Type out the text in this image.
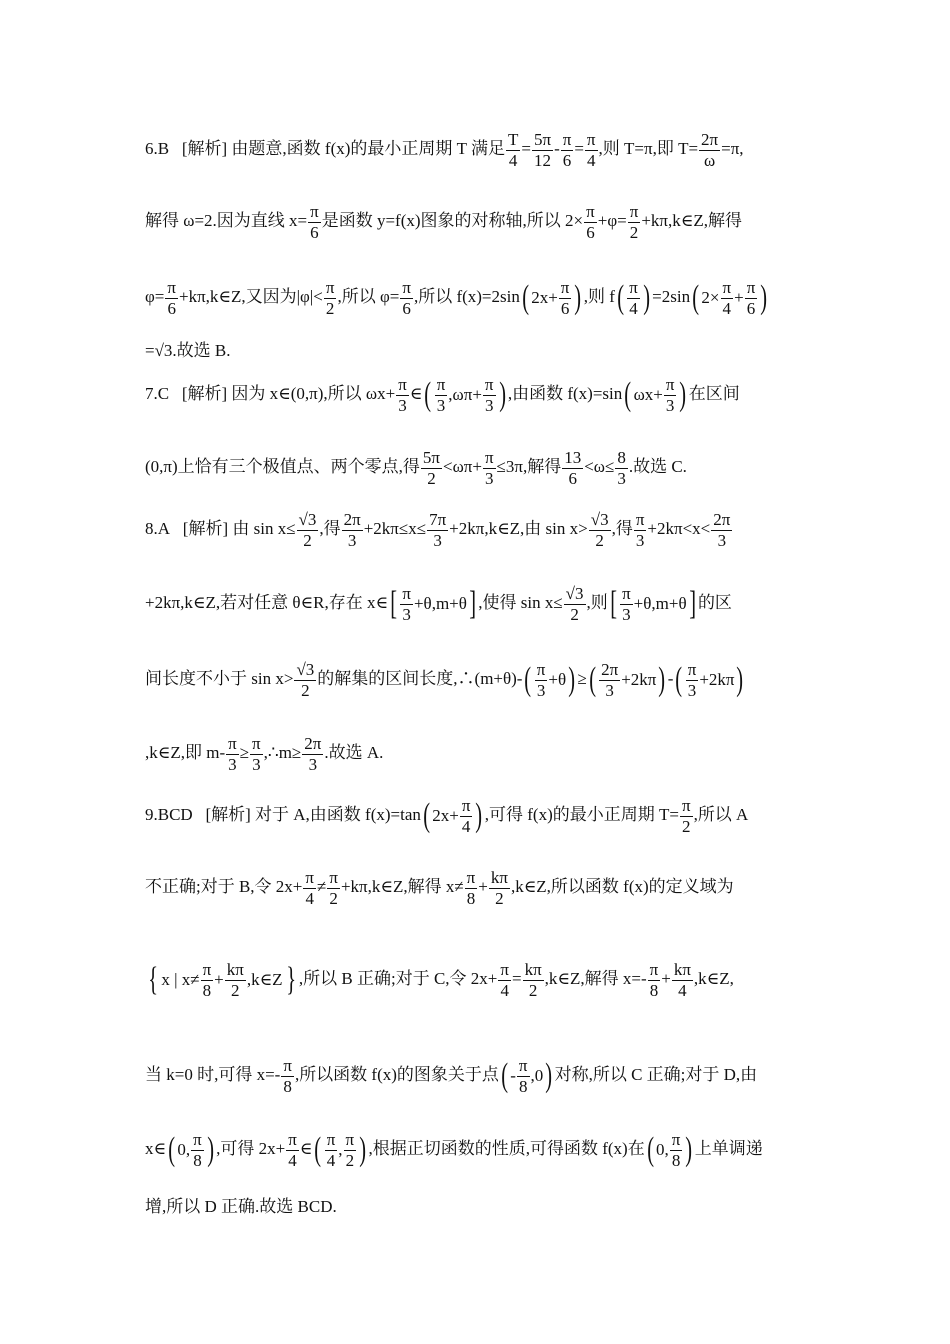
6.B   [解析] 由题意,函数 f(x)的最小正周期 T 满足 $\frac{T}{4} = \frac{5\pi}{12} - \frac{\pi}{6} = \frac{\pi}{4}$ ,则 T=π,即 $T= \frac{2\pi}{\omega} =\pi$,
解得 ω=2.因为直线 $x= \frac{\pi}{6}$ 是函数 y=f(x)图象的对称轴,所以 $2\times \frac{\pi}{6} +\varphi= \frac{\pi}{2}$ +kπ,k∈Z,解得
$\varphi= \frac{\pi}{6}$ +kπ,k∈Z,又因为$|\varphi|< \frac{\pi}{2}$ ,所以 $\varphi= \frac{\pi}{6}$ ,所以 f(x)=2sin ( $2x+ \frac{\pi}{6}$ ) ,则 f ( $\frac{\pi}{4}$ ) =2sin ( $2\times \frac{\pi}{4} + \frac{\pi}{6}$ )
=√3.故选 B.
7.C   [解析] 因为 x∈(0,π),所以 $\omega x+ \frac{\pi}{3}$ ∈ ( $\frac{\pi}{3} ,\omega\pi+ \frac{\pi}{3}$ ) ,由函数 f(x)=sin ( $\omega x+ \frac{\pi}{3}$ ) 在区间
(0,π)上恰有三个极值点、两个零点,得 $\frac{5\pi}{2} <\omega\pi+ \frac{\pi}{3} \le 3\pi$,解得 $\frac{13}{6} <\omega\le \frac{8}{3}$ .故选 C.
8.A   [解析] 由 $\sin x\le \frac{√3}{2}$ ,得 $\frac{2\pi}{3} +2k\pi\le x\le \frac{7\pi}{3}$ +2kπ,k∈Z,由 $\sin x> \frac{√3}{2}$ ,得 $\frac{\pi}{3} +2k\pi<x< \frac{2\pi}{3}$
+2kπ,k∈Z,若对任意 θ∈R,存在 x∈ [ $\frac{\pi}{3} +\theta,m+\theta$ ] ,使得 $\sin x\le \frac{√3}{2}$ ,则 [ $\frac{\pi}{3} +\theta,m+\theta$ ] 的区
间长度不小于 $\sin x> \frac{√3}{2}$ 的解集的区间长度,∴(m+θ)- ( $\frac{\pi}{3} +\theta$ ) ≥ ( $\frac{2\pi}{3} +2k\pi$ ) - ( $\frac{\pi}{3} +2k\pi$ )
,k∈Z,即 $m- \frac{\pi}{3} \ge \frac{\pi}{3}$ ,∴m≥ $\frac{2\pi}{3}$ .故选 A.
9.BCD   [解析] 对于 A,由函数 f(x)=tan ( $2x+ \frac{\pi}{4}$ ) ,可得 f(x)的最小正周期 $T= \frac{\pi}{2}$ ,所以 A
不正确;对于 B,令 $2x+ \frac{\pi}{4} \ne \frac{\pi}{2}$ +kπ,k∈Z,解得 $x\ne \frac{\pi}{8} + \frac{k\pi}{2}$ ,k∈Z,所以函数 f(x)的定义域为
{ x | $x\ne \frac{\pi}{8} + \frac{k\pi}{2}$ ,k∈Z } ,所以 B 正确;对于 C,令 $2x+ \frac{\pi}{4} = \frac{k\pi}{2}$ ,k∈Z,解得 $x=- \frac{\pi}{8} + \frac{k\pi}{4}$ ,k∈Z,
当 k=0 时,可得 $x=- \frac{\pi}{8}$ ,所以函数 f(x)的图象关于点 ( - $\frac{\pi}{8} ,0$ ) 对称,所以 C 正确;对于 D,由
x∈ ( 0, $\frac{\pi}{8}$ ) ,可得 $2x+ \frac{\pi}{4}$ ∈ ( $\frac{\pi}{4}$ , $\frac{\pi}{2}$ ) ,根据正切函数的性质,可得函数 f(x)在 ( 0, $\frac{\pi}{8}$ ) 上单调递
增,所以 D 正确.故选 BCD.
